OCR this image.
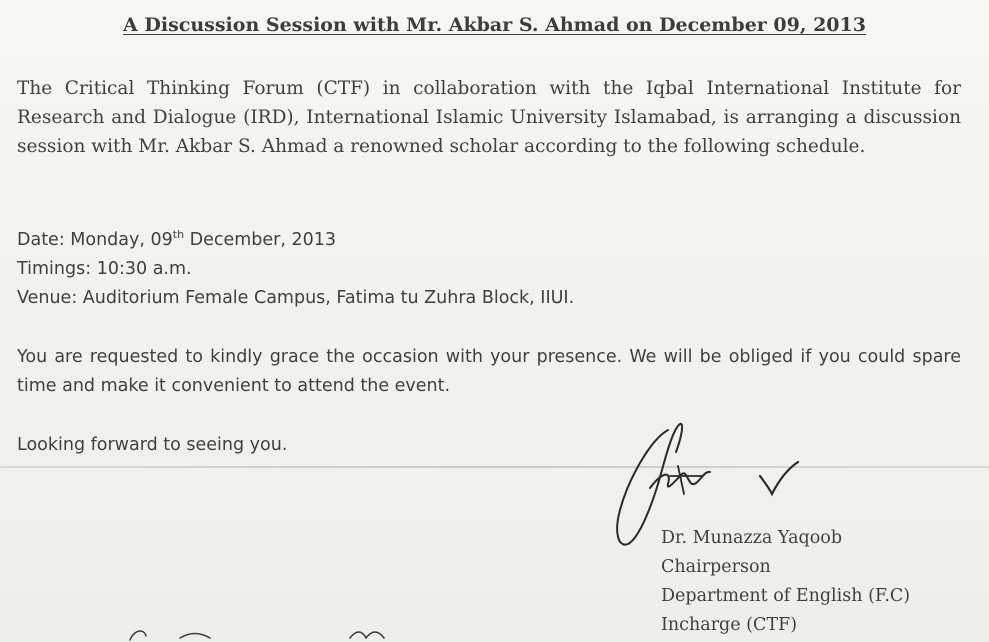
A Discussion Session with Mr. Akbar S. Ahmad on December 09, 2013
The Critical Thinking Forum (CTF) in collaboration with the Iqbal International Institute for Research and Dialogue (IRD), International Islamic University Islamabad, is arranging a discussion session with Mr. Akbar S. Ahmad a renowned scholar according to the following schedule.
Date: Monday, 09th December, 2013
Timings: 10:30 a.m.
Venue: Auditorium Female Campus, Fatima tu Zuhra Block, IIUI.
You are requested to kindly grace the occasion with your presence. We will be obliged if you could spare time and make it convenient to attend the event.
Looking forward to seeing you.
Dr. Munazza Yaqoob
Chairperson
Department of English (F.C)
Incharge (CTF)
